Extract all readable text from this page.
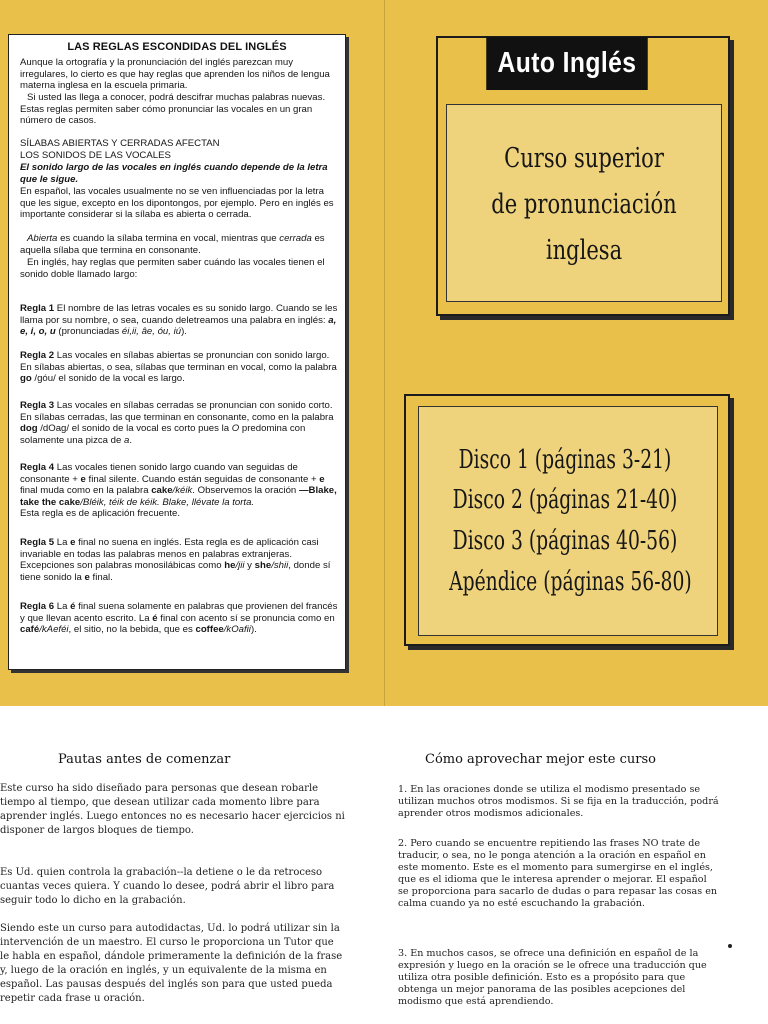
LAS REGLAS ESCONDIDAS DEL INGLÉS

Aunque la ortografía y la pronunciación del inglés parezcan muy irregulares, lo cierto es que hay reglas que aprenden los niños de lengua materna inglesa en la escuela primaria.

Si usted las llega a conocer, podrá descifrar muchas palabras nuevas. Estas reglas permiten saber cómo pronunciar las vocales en un gran número de casos.

SÍLABAS ABIERTAS Y CERRADAS AFECTAN

LOS SONIDOS DE LAS VOCALES

El sonido largo de las vocales en inglés cuando depende de la letra que le sigue.

En español, las vocales usualmente no se ven influenciadas por la letra que les sigue, excepto en los dipontongos, por ejemplo. Pero en inglés es importante considerar si la sílaba es abierta o cerrada.

Abierta es cuando la sílaba termina en vocal, mientras que cerrada es aquella sílaba que termina en consonante.

En inglés, hay reglas que permiten saber cuándo las vocales tienen el sonido doble llamado largo:

Regla 1 El nombre de las letras vocales es su sonido largo. Cuando se les llama por su nombre, o sea, cuando deletreamos una palabra en inglés: a, e, i, o, u (pronunciadas éi,ii, âe, óu, iú).

Regla 2 Las vocales en sílabas abiertas se pronuncian con sonido largo. En sílabas abiertas, o sea, sílabas que terminan en vocal, como la palabra go /góu/ el sonido de la vocal es largo.

Regla 3 Las vocales en sílabas cerradas se pronuncian con sonido corto. En sílabas cerradas, las que terminan en consonante, como en la palabra dog /dOag/ el sonido de la vocal es corto pues la O predomina con solamente una pizca de a.

Regla 4 Las vocales tienen sonido largo cuando van seguidas de consonante + e final silente. Cuando están seguidas de consonante + e final muda como en la palabra cake/kéik. Observemos la oración —Blake, take the cake/Bléik, téik de kéik. Blake, llévate la torta.
Esta regla es de aplicación frecuente.

Regla 5 La e final no suena en inglés. Esta regla es de aplicación casi invariable en todas las palabras menos en palabras extranjeras. Excepciones son palabras monosilábicas como he/jii y she/shii, donde sí tiene sonido la e final.

Regla 6 La é final suena solamente en palabras que provienen del francés y que llevan acento escrito. La é final con acento sí se pronuncia como en café/kAeféi, el sitio, no la bebida, que es coffee/kOafii).

Auto Inglés
Curso superior
de pronunciación
inglesa
Disco 1 (páginas 3-21)
Disco 2 (páginas 21-40)
Disco 3 (páginas 40-56)
Apéndice (páginas 56-80)
Pautas antes de comenzar

Este curso ha sido diseñado para personas que desean robarle tiempo al tiempo, que desean utilizar cada momento libre para aprender inglés. Luego entonces no es necesario hacer ejercicios ni disponer de largos bloques de tiempo.

Es Ud. quien controla la grabación--la detiene o le da retroceso cuantas veces quiera. Y cuando lo desee, podrá abrir el libro para seguir todo lo dicho en la grabación.

Siendo este un curso para autodidactas, Ud. lo podrá utilizar sin la intervención de un maestro. El curso le proporciona un Tutor que le habla en español, dándole primeramente la definición de la frase y, luego de la oración en inglés, y un equivalente de la misma en español. Las pausas después del inglés son para que usted pueda repetir cada frase u oración.

Cómo aprovechar mejor este curso

1. En las oraciones donde se utiliza el modismo presentado se utilizan muchos otros modismos. Si se fija en la traducción, podrá aprender otros modismos adicionales.

2. Pero cuando se encuentre repitiendo las frases NO trate de traducir, o sea, no le ponga atención a la oración en español en este momento. Este es el momento para sumergirse en el inglés, que es el idioma que le interesa aprender o mejorar. El español se proporciona para sacarlo de dudas o para repasar las cosas en calma cuando ya no esté escuchando la grabación.

3. En muchos casos, se ofrece una definición en español de la expresión y luego en la oración se le ofrece una traducción que utiliza otra posible definición. Esto es a propósito para que obtenga un mejor panorama de las posibles acepciones del modismo que está aprendiendo.
